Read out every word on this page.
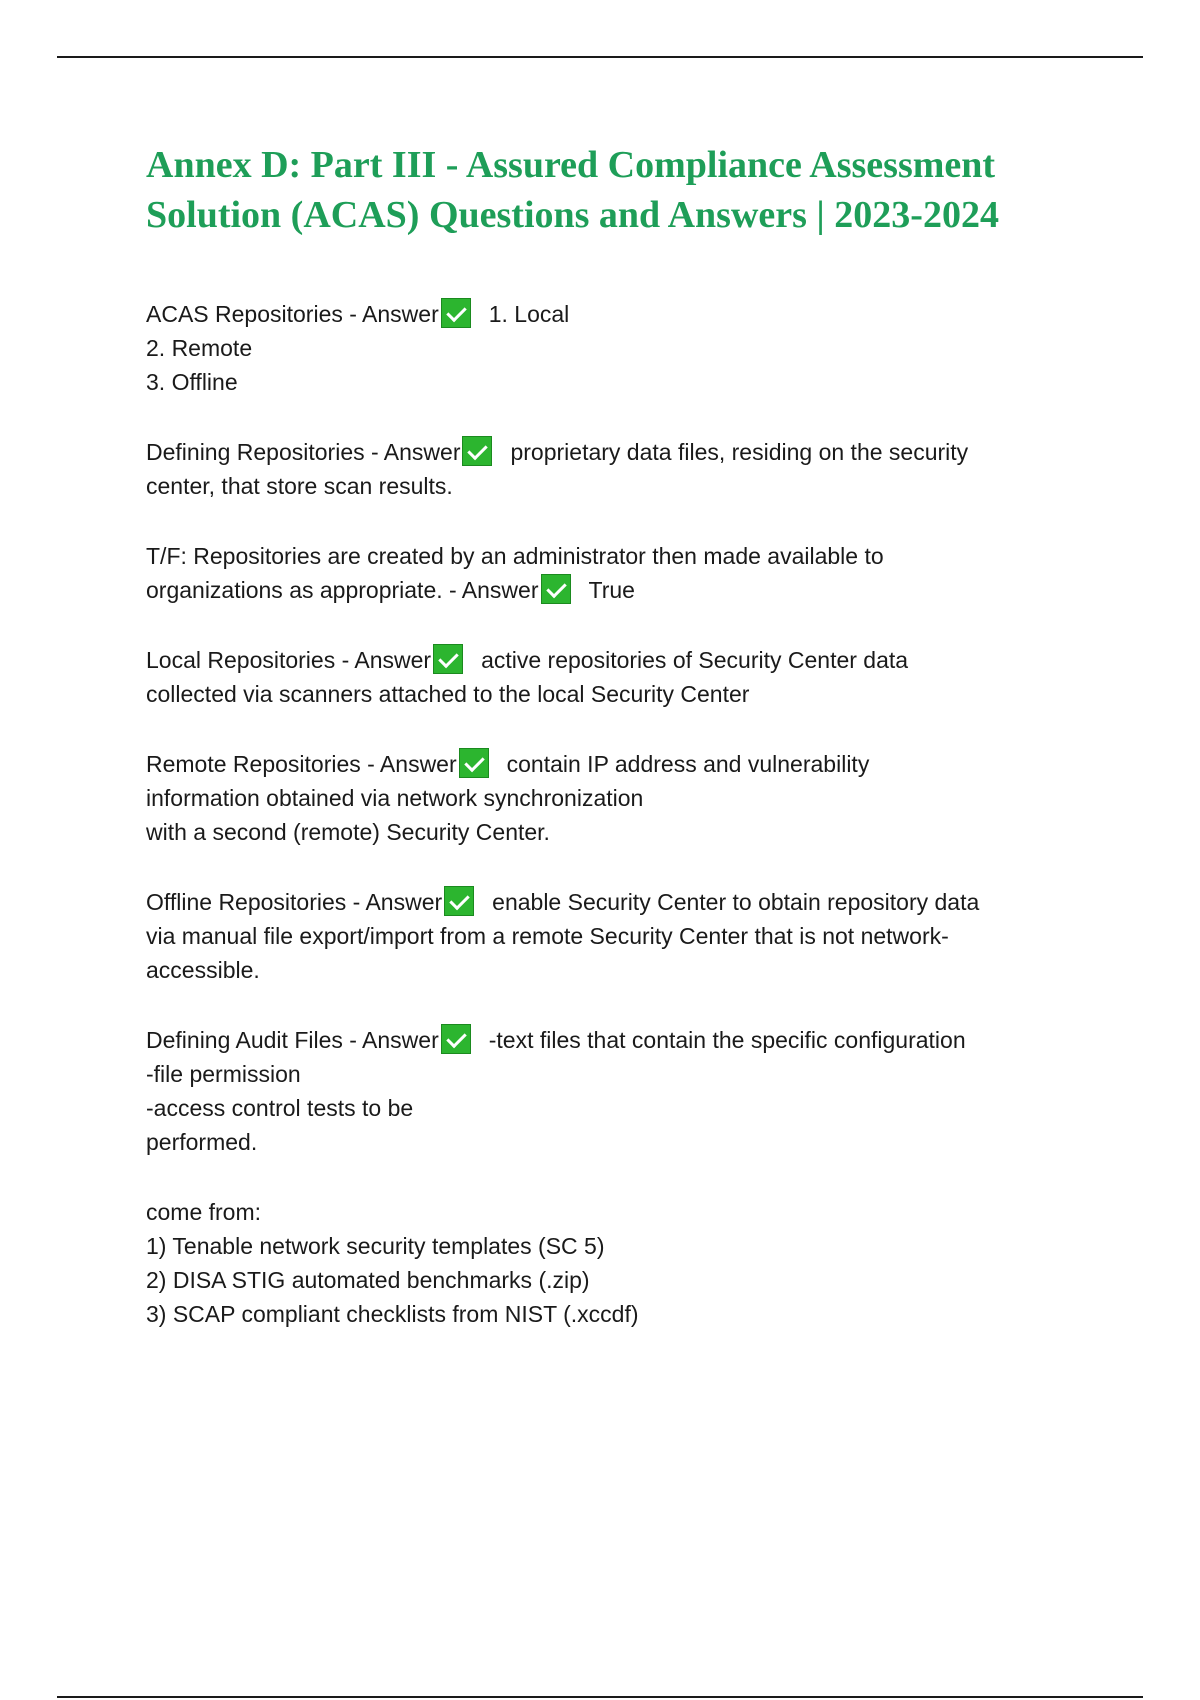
Annex D: Part III - Assured Compliance Assessment Solution (ACAS) Questions and Answers | 2023-2024
ACAS Repositories - Answer 1. Local
2. Remote
3. Offline
Defining Repositories - Answer proprietary data files, residing on the security
center, that store scan results.
T/F: Repositories are created by an administrator then made available to
organizations as appropriate. - Answer True
Local Repositories - Answer active repositories of Security Center data
collected via scanners attached to the local Security Center
Remote Repositories - Answer contain IP address and vulnerability
information obtained via network synchronization
with a second (remote) Security Center.
Offline Repositories - Answer enable Security Center to obtain repository data
via manual file export/import from a remote Security Center that is not network-
accessible.
Defining Audit Files - Answer -text files that contain the specific configuration
-file permission
-access control tests to be
performed.
come from:
1) Tenable network security templates (SC 5)
2) DISA STIG automated benchmarks (.zip)
3) SCAP compliant checklists from NIST (.xccdf)
